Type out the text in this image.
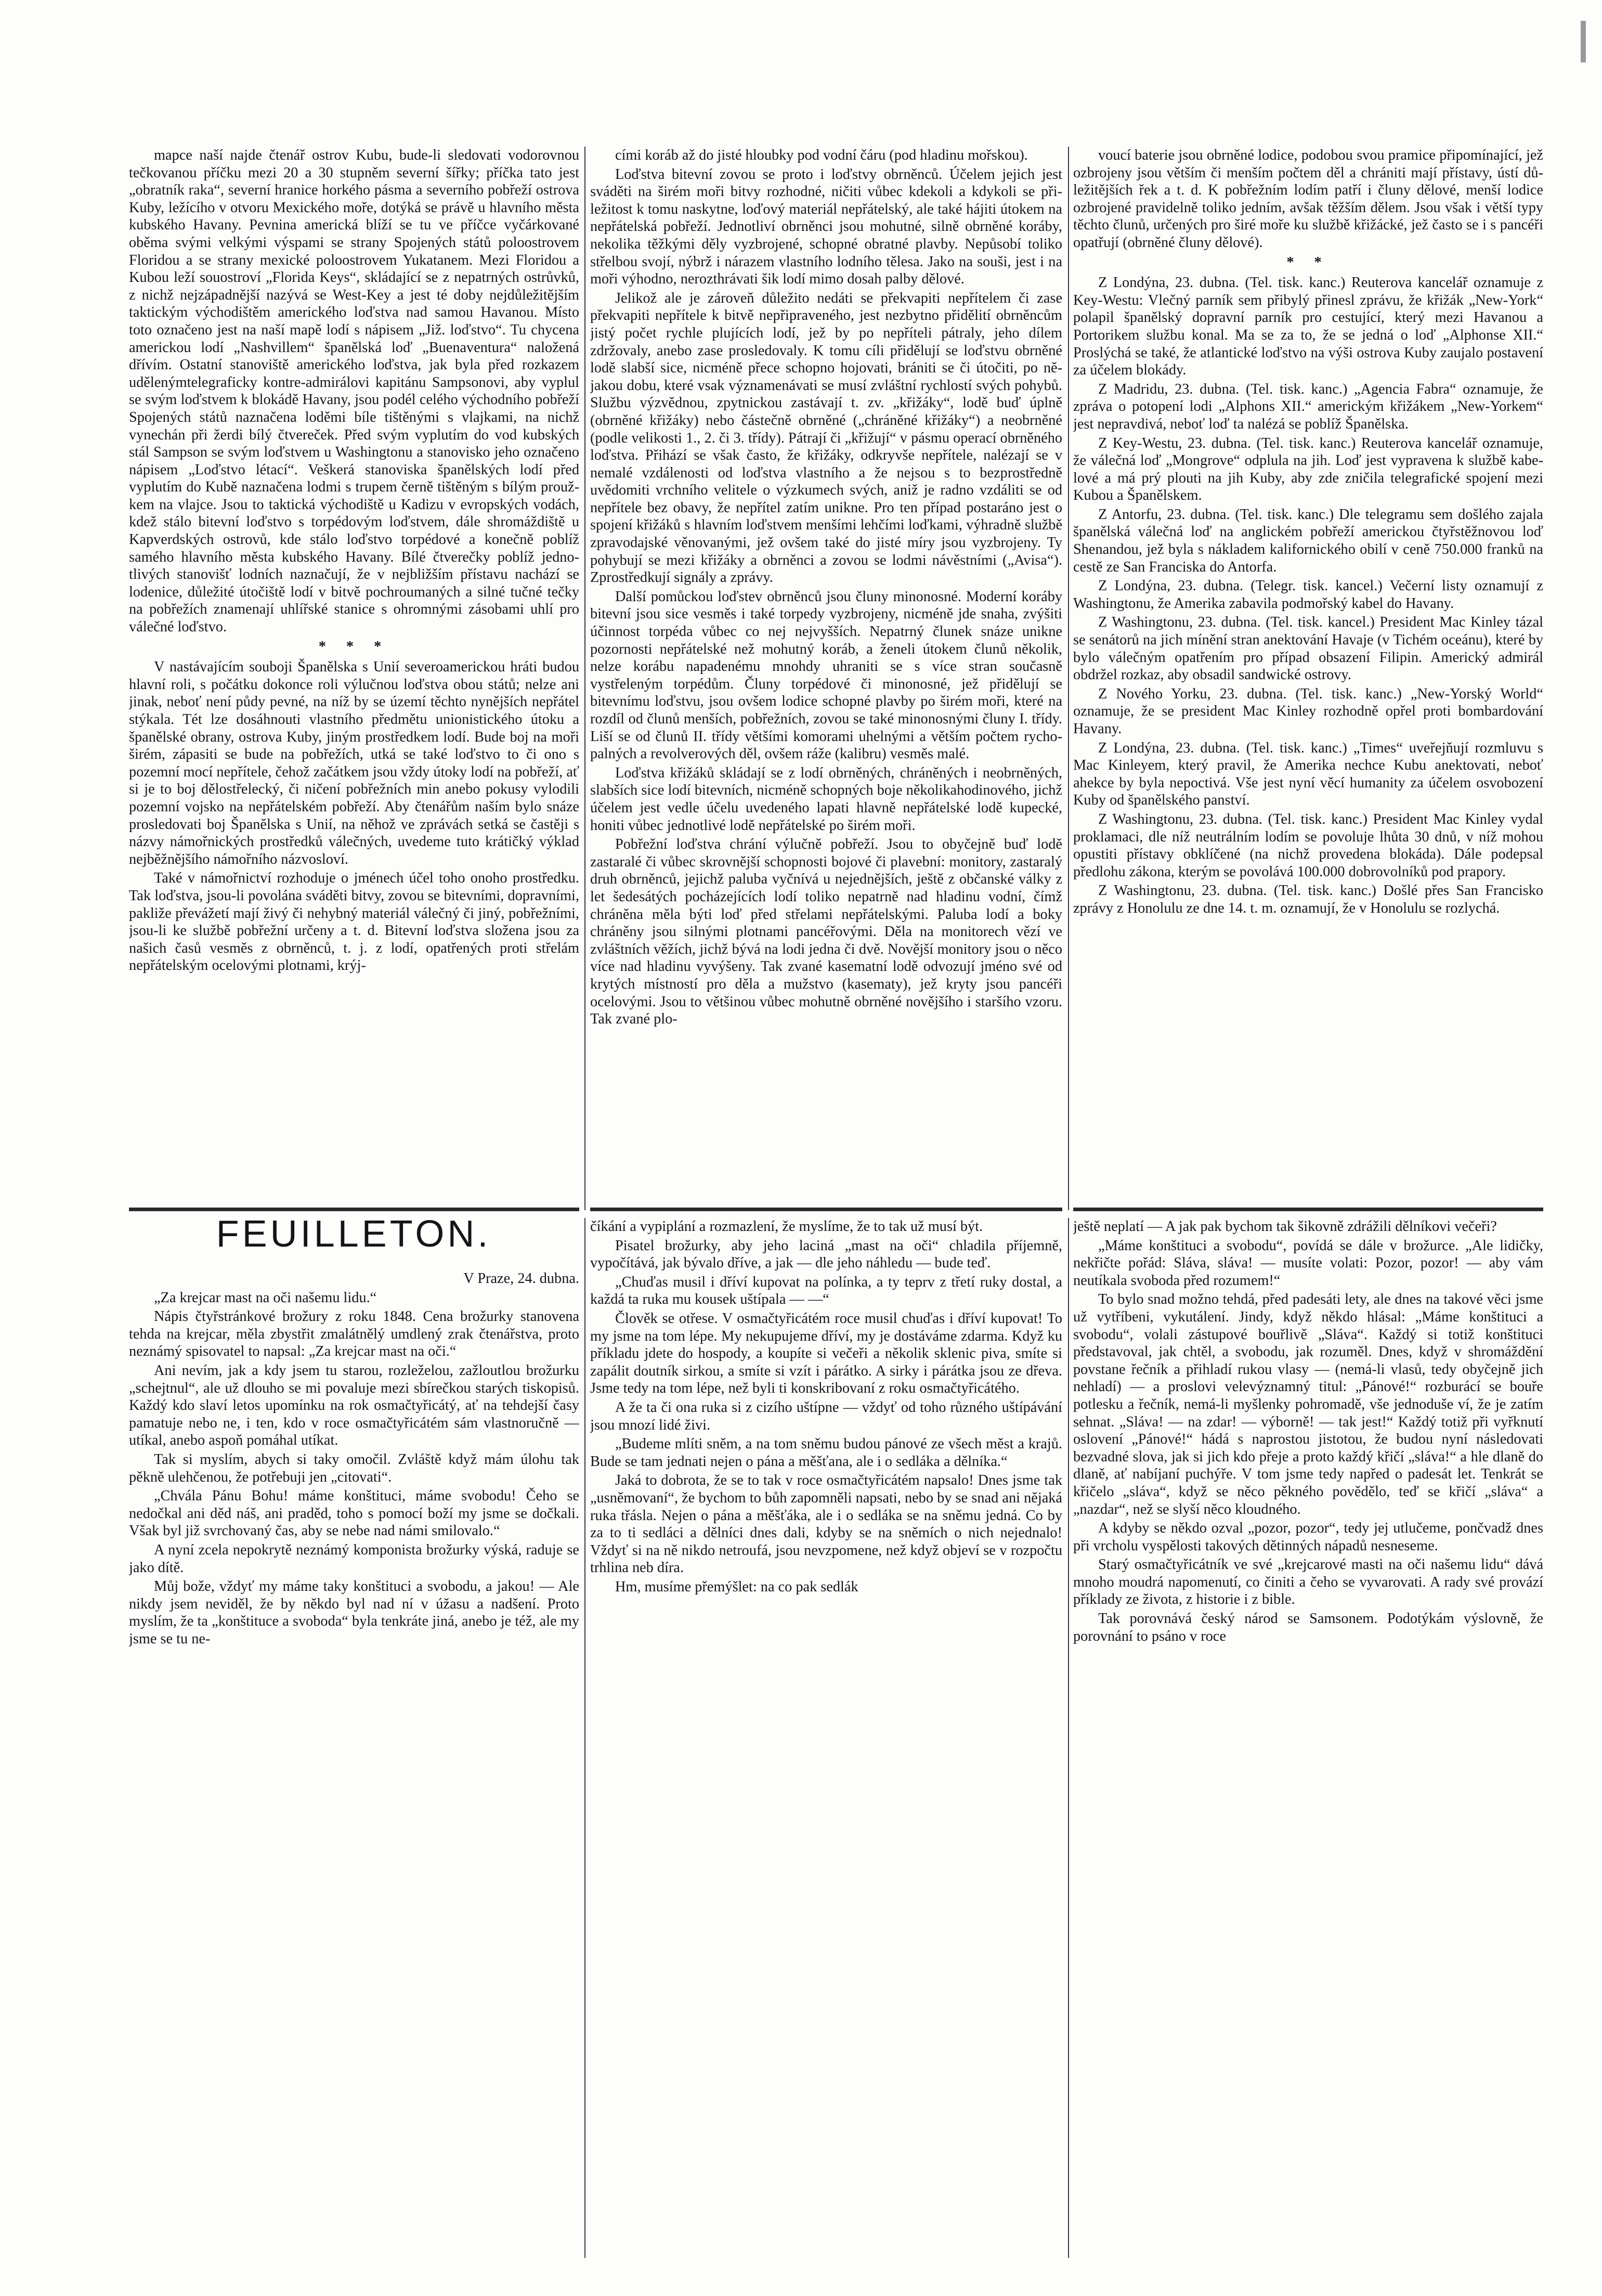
mapce naší najde čtenář ostrov Kubu, bude-li sledovati vodorovnou tečkovanou příčku mezi 20 a 30 stupněm severní šířky; příčka tato jest „obratník raka“, severní hranice horkého pásma a severního pobřeží ostrova Kuby, ležícího v otvoru Mexického moře, dotýká se právě u hlavního města kubského Havany. Pevnina americká blíží se tu ve příčce vyčárkované oběma svými velkými výspami se strany Spojených států poloostrovem Floridou a se strany mexické poloostrovem Yukatanem. Mezi Floridou a Kubou leží souostroví „Florida Keys“, skládající se z nepatrných ostrůvků, z nichž nejzápadnější nazývá se West-Key a jest té doby nejdůležitějším taktickým východištěm amerického loďstva nad samou Havanou. Místo toto označeno jest na naší mapě lodí s nápisem „Již. loďstvo“. Tu chycena americkou lodí „Nashvillem“ španělská loď „Buenaventura“ naložená dřívím. Ostatní stanoviště amerického loďstva, jak byla před rozkazem udělenýmtelegraficky kontre-admirálovi kapitánu Sampsonovi, aby vyplul se svým loďstvem k blokádě Havany, jsou podél celého východního pobřeží Spojených států naznačena loděmi bíle tištěnými s vlajkami, na nichž vynechán při žerdi bílý čtvereček. Před svým vyplutím do vod kubských stál Sampson se svým loďstvem u Washingtonu a stanovisko jeho označeno nápisem „Loďstvo létací“. Veškerá stanoviska španělských lodí před vyplutím do Kubě naznačena lodmi s trupem černě tištěným s bílým proužkem na vlajce. Jsou to taktická východiště u Kadizu v evropských vodách, kdež stálo bitevní loďstvo s torpédovým loďstvem, dále shromáždiště u Kapverdských ostrovů, kde stálo loďstvo torpédové a konečně poblíž samého hlavního města kubského Havany. Bílé čtverečky poblíž jednotlivých stanovišť lodních naznačují, že v nejbližším přístavu nachází se lodenice, důležité útočiště lodí v bitvě pochroumaných a silné tučné tečky na pobřežích znamenají uhlířské stanice s ohromnými zásobami uhlí pro válečné loďstvo.

* * *

V nastávajícím souboji Španělska s Unií severoamerickou hráti budou hlavní roli, s počátku dokonce roli výlučnou loďstva obou států; nelze ani jinak, neboť není půdy pevné, na níž by se území těchto nynějších nepřátel stýkala. Tét lze dosáhnouti vlastního předmětu unionistického útoku a španělské obrany, ostrova Kuby, jiným prostředkem lodí. Bude boj na moři širém, zápasiti se bude na pobřežích, utká se také loďstvo to či ono s pozemní mocí nepřítele, čehož začátkem jsou vždy útoky lodí na pobřeží, ať si je to boj dělostřelecký, či ničení pobřežních min anebo pokusy vylodili pozemní vojsko na nepřátelském pobřeží. Aby čtenářům naším bylo snáze prosledovati boj Španělska s Unií, na něhož ve zprávách setká se častěji s názvy námořnických prostředků válečných, uvedeme tuto krátičký výklad nejběžnějšího námořního názvosloví.

Také v námořnictví rozhoduje o jménech účel toho onoho prostředku. Tak loďstva, jsou-li povolána sváděti bitvy, zovou se bitevními, dopravními, pakliže převážetí mají živý či nehybný materiál válečný či jiný, pobřežními, jsou-li ke službě pobřežní určeny a t. d. Bitevní loďstva složena jsou za našich časů vesměs z obrněnců, t. j. z lodí, opatřených proti střelám nepřátelským ocelovými plotnami, krýj-

cími koráb až do jisté hloubky pod vodní čáru (pod hladinu mořskou).

Loďstva bitevní zovou se proto i loďstvy obrněnců. Účelem jejich jest sváděti na širém moři bitvy rozhodné, ničiti vůbec kdekoli a kdykoli se přiležitost k tomu naskytne, loďový materiál nepřátelský, ale také hájiti útokem na nepřátelská pobřeží. Jednotliví obrněnci jsou mohutné, silně obrněné koráby, nekolika těžkými děly vyzbrojené, schopné obratné plavby. Nepůsobí toliko střelbou svojí, nýbrž i nárazem vlastního lodního tělesa. Jako na souši, jest i na moři výhodno, nerozthrávati šik lodí mimo dosah palby dělové.

Jelikož ale je zároveň důležito nedáti se překvapiti nepřítelem či zase překvapiti nepřítele k bitvě nepřipraveného, jest nezbytno přidělití obrněncům jistý počet rychle plujících lodí, jež by po nepříteli pátraly, jeho dílem zdržovaly, anebo zase prosledovaly. K tomu cíli přidělují se loďstvu obrněné lodě slabší sice, nicméně přece schopno hojovati, brániti se či útočiti, po nějakou dobu, které vsak významenávati se musí zvláštní rychlostí svých pohybů. Službu výzvědnou, zpytnickou zastávají t. zv. „křižáky“, lodě buď úplně (obrněné křižáky) nebo částečně obrněné („chráněné křižáky“) a neobrněné (podle velikosti 1., 2. či 3. třídy). Pátrají či „křižují“ v pásmu operací obrněného loďstva. Přihází se však často, že křižáky, odkryvše nepřítele, nalézají se v nemalé vzdálenosti od loďstva vlastního a že nejsou s to bezprostředně uvědomiti vrchního velitele o výzkumech svých, aniž je radno vzdáliti se od nepřítele bez obavy, že nepřítel zatím unikne. Pro ten případ postaráno jest o spojení křižáků s hlavním loďstvem menšími lehčími loďkami, výhradně službě zpravodajské věnovanými, jež ovšem také do jisté míry jsou vyzbrojeny. Ty pohybují se mezi křižáky a obrněnci a zovou se lodmi návěstními („Avisa“). Zprostředkují signály a zprávy.

Další pomůckou loďstev obrněnců jsou čluny minonosné. Moderní koráby bitevní jsou sice vesměs i také torpedy vyzbrojeny, nicméně jde snaha, zvýšiti účinnost torpéda vůbec co nej nejvyšších. Nepatrný člunek snáze unikne pozornosti nepřátelské než mohutný koráb, a ženeli útokem člunů několik, nelze korábu napadenému mnohdy uhraniti se s více stran současně vystřeleným torpédům. Čluny torpédové či minonosné, jež přidělují se bitevnímu loďstvu, jsou ovšem lodice schopné plavby po širém moři, které na rozdíl od člunů menších, pobřežních, zovou se také minonosnými čluny I. třídy. Liší se od člunů II. třídy většími komorami uhelnými a větším počtem rychopalných a revolverových děl, ovšem ráže (kalibru) vesměs malé.

Loďstva křižáků skládají se z lodí obrněných, chráněných i neobrněných, slabších sice lodí bitevních, nicméně schopných boje několikahodinového, jichž účelem jest vedle účelu uvedeného lapati hlavně nepřátelské lodě kupecké, honiti vůbec jednotlivé lodě nepřátelské po širém moři.

Pobřežní loďstva chrání výlučně pobřeží. Jsou to obyčejně buď lodě zastaralé či vůbec skrovnější schopnosti bojové či plavební: monitory, zastaralý druh obrněnců, jejichž paluba vyčnívá u nejednějších, ještě z občanské války z let šedesátých pocházejících lodí toliko nepatrně nad hladinu vodní, čímž chráněna měla býti loď před střelami nepřátelskými. Paluba lodí a boky chráněny jsou silnými plotnami pancéřovými. Děla na monitorech vězí ve zvláštních věžích, jichž bývá na lodi jedna či dvě. Novější monitory jsou o něco více nad hladinu vyvýšeny. Tak zvané kasematní lodě odvozují jméno své od krytých místností pro děla a mužstvo (kasematy), jež kryty jsou pancéři ocelovými. Jsou to většinou vůbec mohutně obrněné novějšího i staršího vzoru. Tak zvané plo-

voucí baterie jsou obrněné lodice, podobou svou pramice připomínající, jež ozbrojeny jsou větším či menším počtem děl a chrániti mají přístavy, ústí důležitějších řek a t. d. K pobřežním lodím patří i čluny dělové, menší lodice ozbrojené pravidelně toliko jedním, avšak těžším dělem. Jsou však i větší typy těchto člunů, určených pro širé moře ku službě křižácké, jež často se i s pancéři opatřují (obrněné čluny dělové).

* *

Z Londýna, 23. dubna. (Tel. tisk. kanc.) Reuterova kancelář oznamuje z Key-Westu: Vlečný parník sem přibylý přinesl zprávu, že křižák „New-York“ polapil španělský dopravní parník pro cestující, který mezi Havanou a Portorikem službu konal. Ma se za to, že se jedná o loď „Alphonse XII.“ Proslýchá se také, že atlantické loďstvo na výši ostrova Kuby zaujalo postavení za účelem blokády.

Z Madridu, 23. dubna. (Tel. tisk. kanc.) „Agencia Fabra“ oznamuje, že zpráva o potopení lodi „Alphons XII.“ americkým křižákem „New-Yorkem“ jest nepravdivá, neboť loď ta nalézá se poblíž Španělska.

Z Key-Westu, 23. dubna. (Tel. tisk. kanc.) Reuterova kancelář oznamuje, že válečná loď „Mongrove“ odplula na jih. Loď jest vypravena k službě kabelové a má prý plouti na jih Kuby, aby zde zničila telegrafické spojení mezi Kubou a Španělskem.

Z Antorfu, 23. dubna. (Tel. tisk. kanc.) Dle telegramu sem došlého zajala španělská válečná loď na anglickém pobřeží americkou čtyřstěžnovou loď Shenandou, jež byla s nákladem kalifornického obilí v ceně 750.000 franků na cestě ze San Franciska do Antorfa.

Z Londýna, 23. dubna. (Telegr. tisk. kancel.) Večerní listy oznamují z Washingtonu, že Amerika zabavila podmořský kabel do Havany.

Z Washingtonu, 23. dubna. (Tel. tisk. kancel.) President Mac Kinley tázal se senátorů na jich mínění stran anektování Havaje (v Tichém oceánu), které by bylo válečným opatřením pro případ obsazení Filipin. Americký admirál obdržel rozkaz, aby obsadil sandwické ostrovy.

Z Nového Yorku, 23. dubna. (Tel. tisk. kanc.) „New-Yorský World“ oznamuje, že se president Mac Kinley rozhodně opřel proti bombardování Havany.

Z Londýna, 23. dubna. (Tel. tisk. kanc.) „Times“ uveřejňují rozmluvu s Mac Kinleyem, který pravil, že Amerika nechce Kubu anektovati, neboť ahekce by byla nepoctivá. Vše jest nyní věcí humanity za účelem osvobození Kuby od španělského panství.

Z Washingtonu, 23. dubna. (Tel. tisk. kanc.) President Mac Kinley vydal proklamaci, dle níž neutrálním lodím se povoluje lhůta 30 dnů, v níž mohou opustiti přístavy obklíčené (na nichž provedena blokáda). Dále podepsal předlohu zákona, kterým se povolává 100.000 dobrovolníků pod prapory.

Z Washingtonu, 23. dubna. (Tel. tisk. kanc.) Došlé přes San Francisko zprávy z Honolulu ze dne 14. t. m. oznamují, že v Honolulu se rozlychá.

FEUILLETON.

V Praze, 24. dubna.

„Za krejcar mast na oči našemu lidu.“

Nápis čtyřstránkové brožury z roku 1848. Cena brožurky stanovena tehda na krejcar, měla zbystřit zmalátnělý umdlený zrak čtenářstva, proto neznámý spisovatel to napsal: „Za krejcar mast na oči.“

Ani nevím, jak a kdy jsem tu starou, rozleželou, zažloutlou brožurku „schejtnul“, ale už dlouho se mi povaluje mezi sbírečkou starých tiskopisů. Každý kdo slaví letos upomínku na rok osmačtyřicátý, ať na tehdejší časy pamatuje nebo ne, i ten, kdo v roce osmačtyřicátém sám vlastnoručně — utíkal, anebo aspoň pomáhal utíkat.

Tak si myslím, abych si taky omočil. Zvláště když mám úlohu tak pěkně ulehčenou, že potřebuji jen „citovati“.

„Chvála Pánu Bohu! máme konštituci, máme svobodu! Čeho se nedočkal ani děd náš, ani praděd, toho s pomocí boží my jsme se dočkali. Však byl již svrchovaný čas, aby se nebe nad námi smilovalo.“

A nyní zcela nepokrytě neznámý komponista brožurky výská, raduje se jako dítě.

Můj bože, vždyť my máme taky konštituci a svobodu, a jakou! — Ale nikdy jsem neviděl, že by někdo byl nad ní v úžasu a nadšení. Proto myslím, že ta „konštituce a svoboda“ byla tenkráte jiná, anebo je též, ale my jsme se tu ne-

číkání a vypiplání a rozmazlení, že myslíme, že to tak už musí být.

Pisatel brožurky, aby jeho laciná „mast na oči“ chladila příjemně, vypočítává, jak bývalo dříve, a jak — dle jeho náhledu — bude teď.

„Chuďas musil i dříví kupovat na polínka, a ty teprv z třetí ruky dostal, a každá ta ruka mu kousek uštípala — —“

Člověk se otřese. V osmačtyřicátém roce musil chuďas i dříví kupovat! To my jsme na tom lépe. My nekupujeme dříví, my je dostáváme zdarma. Když ku příkladu jdete do hospody, a koupíte si večeři a několik sklenic piva, smíte si zapálit doutník sirkou, a smíte si vzít i párátko. A sirky i párátka jsou ze dřeva. Jsme tedy na tom lépe, než byli ti konskribovaní z roku osmačtyřicátého.

A že ta či ona ruka si z cizího uštípne — vždyť od toho různého uštípávání jsou mnozí lidé živi.

„Budeme mlíti sněm, a na tom sněmu budou pánové ze všech měst a krajů. Bude se tam jednati nejen o pána a měšťana, ale i o sedláka a dělníka.“

Jaká to dobrota, že se to tak v roce osmačtyřicátém napsalo! Dnes jsme tak „usněmovaní“, že bychom to bůh zapomněli napsati, nebo by se snad ani nějaká ruka třásla. Nejen o pána a měšťáka, ale i o sedláka se na sněmu jedná. Co by za to ti sedláci a dělníci dnes dali, kdyby se na sněmích o nich nejednalo! Vždyť si na ně nikdo netroufá, jsou nevzpomene, než když objeví se v rozpočtu trhlina neb díra.

Hm, musíme přemýšlet: na co pak sedlák

ještě neplatí — A jak pak bychom tak šikovně zdrážili dělníkovi večeři?

„Máme konštituci a svobodu“, povídá se dále v brožurce. „Ale lidičky, nekřičte pořád: Sláva, sláva! — musíte volati: Pozor, pozor! — aby vám neutíkala svoboda před rozumem!“

To bylo snad možno tehdá, před padesáti lety, ale dnes na takové věci jsme už vytříbeni, vykutálení. Jindy, když někdo hlásal: „Máme konštituci a svobodu“, volali zástupové bouřlivě „Sláva“. Každý si totiž konštituci představoval, jak chtěl, a svobodu, jak rozuměl. Dnes, když v shromáždění povstane řečník a přihladí rukou vlasy — (nemá-li vlasů, tedy obyčejně jich nehladí) — a proslovi velevýznamný titul: „Pánové!“ rozburácí se bouře potlesku a řečník, nemá-li myšlenky pohromadě, vše jednoduše ví, že je zatím sehnat. „Sláva! — na zdar! — výborně! — tak jest!“ Každý totiž při vyřknutí oslovení „Pánové!“ hádá s naprostou jistotou, že budou nyní následovati bezvadné slova, jak si jich kdo přeje a proto každý křičí „sláva!“ a hle dlaně do dlaně, ať nabíjaní puchýře. V tom jsme tedy napřed o padesát let. Tenkrát se křičelo „sláva“, když se něco pěkného povědělo, teď se křičí „sláva“ a „nazdar“, než se slyší něco kloudného.

A kdyby se někdo ozval „pozor, pozor“, tedy jej utlučeme, pončvadž dnes při vrcholu vyspělosti takových dětinných nápadů nesneseme.

Starý osmačtyřicátník ve své „krejcarové masti na oči našemu lidu“ dává mnoho moudrá napomenutí, co činiti a čeho se vyvarovati. A rady své provází příklady ze života, z historie i z bible.

Tak porovnává český národ se Samsonem. Podotýkám výslovně, že porovnání to psáno v roce
